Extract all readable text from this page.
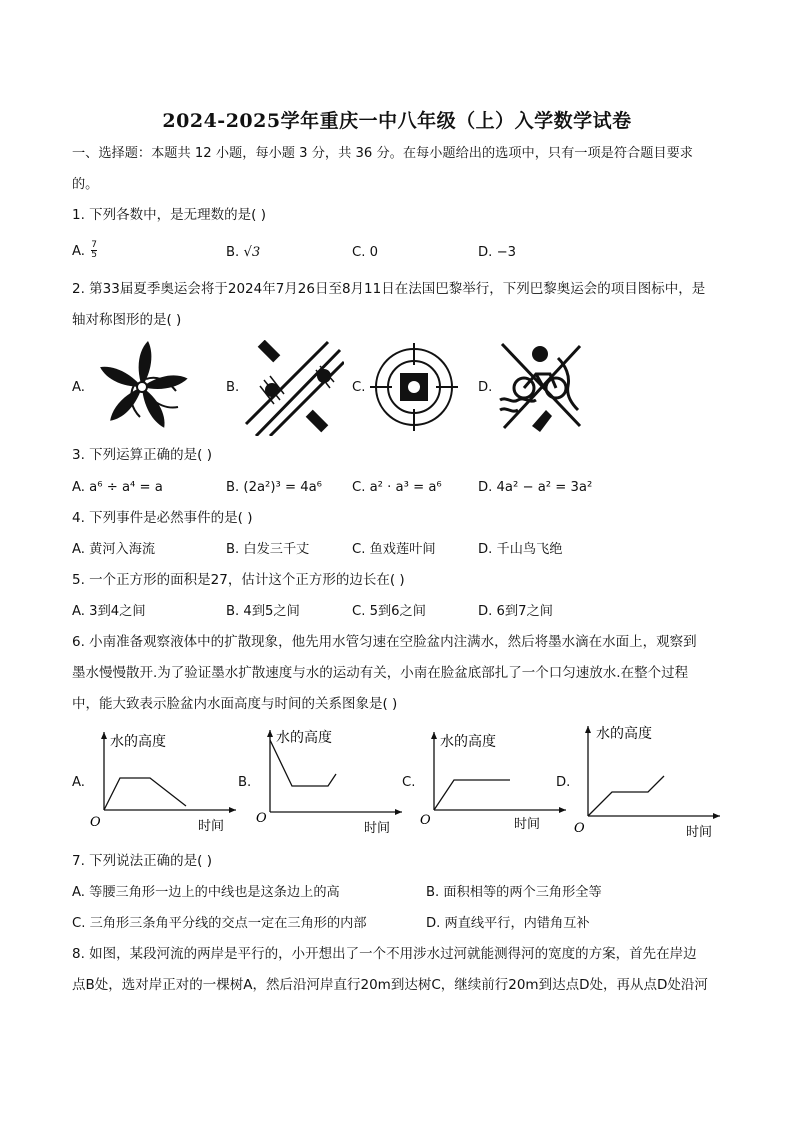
2024-2025学年重庆一中八年级（上）入学数学试卷
一、选择题：本题共 12 小题，每小题 3 分，共 36 分。在每小题给出的选项中，只有一项是符合题目要求
的。
1. 下列各数中，是无理数的是( )
A. $\frac{7}{5}$	B. √3	C. 0	D. −3
2. 第33届夏季奥运会将于2024年7月26日至8月11日在法国巴黎举行，下列巴黎奥运会的项目图标中，是
轴对称图形的是( )
A.	B.	C.	D.
3. 下列运算正确的是( )
A. a⁶ ÷ a⁴ = a	B. (2a²)³ = 4a⁶ C. a² · a³ = a⁶	D. 4a² − a² = 3a²
4. 下列事件是必然事件的是( )
A. 黄河入海流	B. 白发三千丈	C. 鱼戏莲叶间	D. 千山鸟飞绝
5. 一个正方形的面积是27，估计这个正方形的边长在( )
A. 3到4之间	B. 4到5之间	C. 5到6之间	D. 6到7之间
6. 小南准备观察液体中的扩散现象，他先用水管匀速在空脸盆内注满水，然后将墨水滴在水面上，观察到
墨水慢慢散开.为了验证墨水扩散速度与水的运动有关，小南在脸盆底部扎了一个口匀速放水.在整个过程
中，能大致表示脸盆内水面高度与时间的关系图象是( )
A.
水的高度
时间
O
B.
水的高度
时间
O
C.
水的高度
时间
O
D.
水的高度
时间
O
7. 下列说法正确的是( )
A. 等腰三角形一边上的中线也是这条边上的高	B. 面积相等的两个三角形全等
C. 三角形三条角平分线的交点一定在三角形的内部	D. 两直线平行，内错角互补
8. 如图，某段河流的两岸是平行的，小开想出了一个不用涉水过河就能测得河的宽度的方案，首先在岸边
点B处，选对岸正对的一棵树A，然后沿河岸直行20m到达树C，继续前行20m到达点D处，再从点D处沿河
